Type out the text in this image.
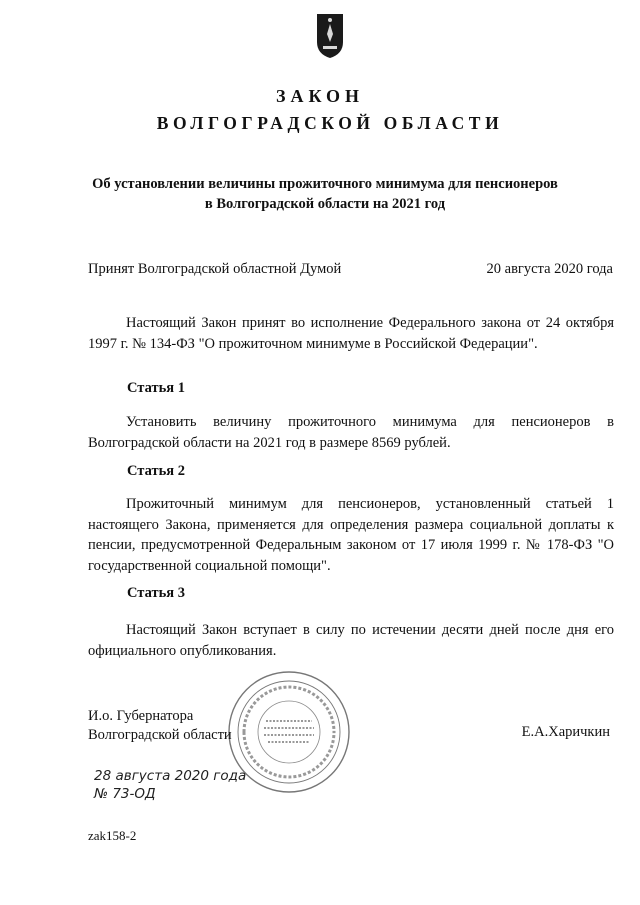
ЗАКОН
ВОЛГОГРАДСКОЙ ОБЛАСТИ
Об установлении величины прожиточного минимума для пенсионеров
в Волгоградской области на 2021 год
Принят Волгоградской областной Думой	20 августа 2020 года
Настоящий Закон принят во исполнение Федерального закона от 24 октября 1997 г. № 134-ФЗ "О прожиточном минимуме в Российской Федерации".
Статья 1
Установить величину прожиточного минимума для пенсионеров в Волгоградской области на 2021 год в размере 8569 рублей.
Статья 2
Прожиточный минимум для пенсионеров, установленный статьей 1 настоящего Закона, применяется для определения размера социальной доплаты к пенсии, предусмотренной Федеральным законом от 17 июля 1999 г. № 178-ФЗ "О государственной социальной помощи".
Статья 3
Настоящий Закон вступает в силу по истечении десяти дней после дня его официального опубликования.
И.о. Губернатора
Волгоградской области	Е.А.Харичкин
28 августа 2020 года
№ 73-ОД
zak158-2
